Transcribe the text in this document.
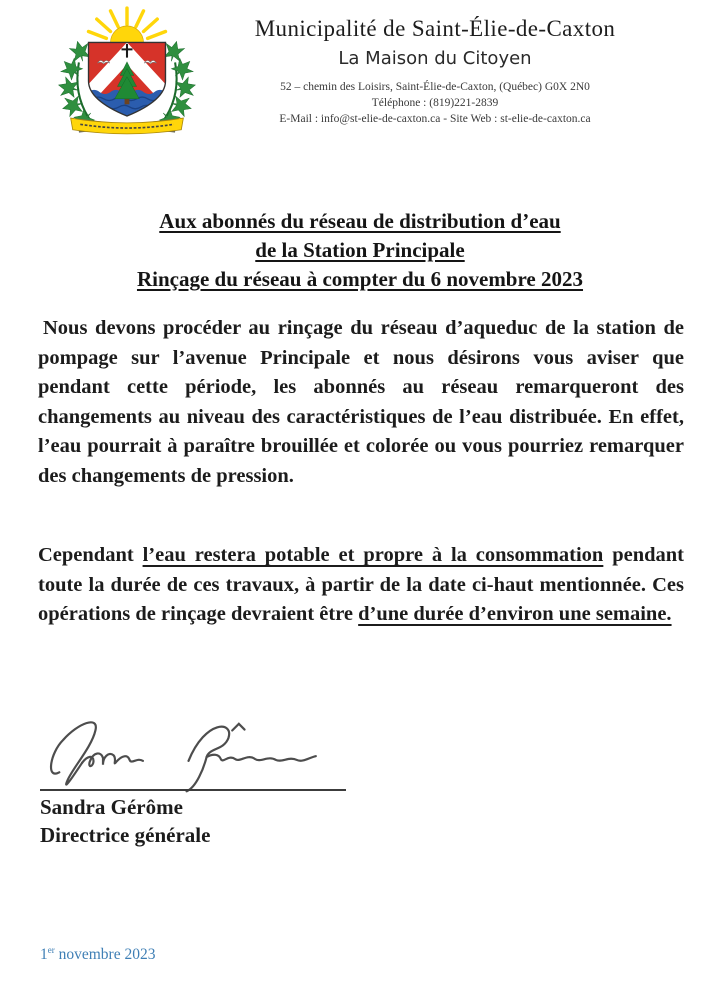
Municipalité de Saint-Élie-de-Caxton
La Maison du Citoyen
52 – chemin des Loisirs, Saint-Élie-de-Caxton, (Québec) G0X 2N0
Téléphone : (819)221-2839
E-Mail : info@st-elie-de-caxton.ca - Site Web : st-elie-de-caxton.ca
Aux abonnés du réseau de distribution d’eau
de la Station Principale
Rinçage du réseau à compter du 6 novembre 2023
Nous devons procéder au rinçage du réseau d’aqueduc de la station de pompage sur l’avenue Principale et nous désirons vous aviser que pendant cette période, les abonnés au réseau remarqueront des changements au niveau des caractéristiques de l’eau distribuée. En effet, l’eau pourrait à paraître brouillée et colorée ou vous pourriez remarquer des changements de pression.
Cependant l’eau restera potable et propre à la consommation pendant toute la durée de ces travaux, à partir de la date ci-haut mentionnée. Ces opérations de rinçage devraient être d’une durée d’environ une semaine.
Sandra Gérôme
Directrice générale
1er novembre 2023
